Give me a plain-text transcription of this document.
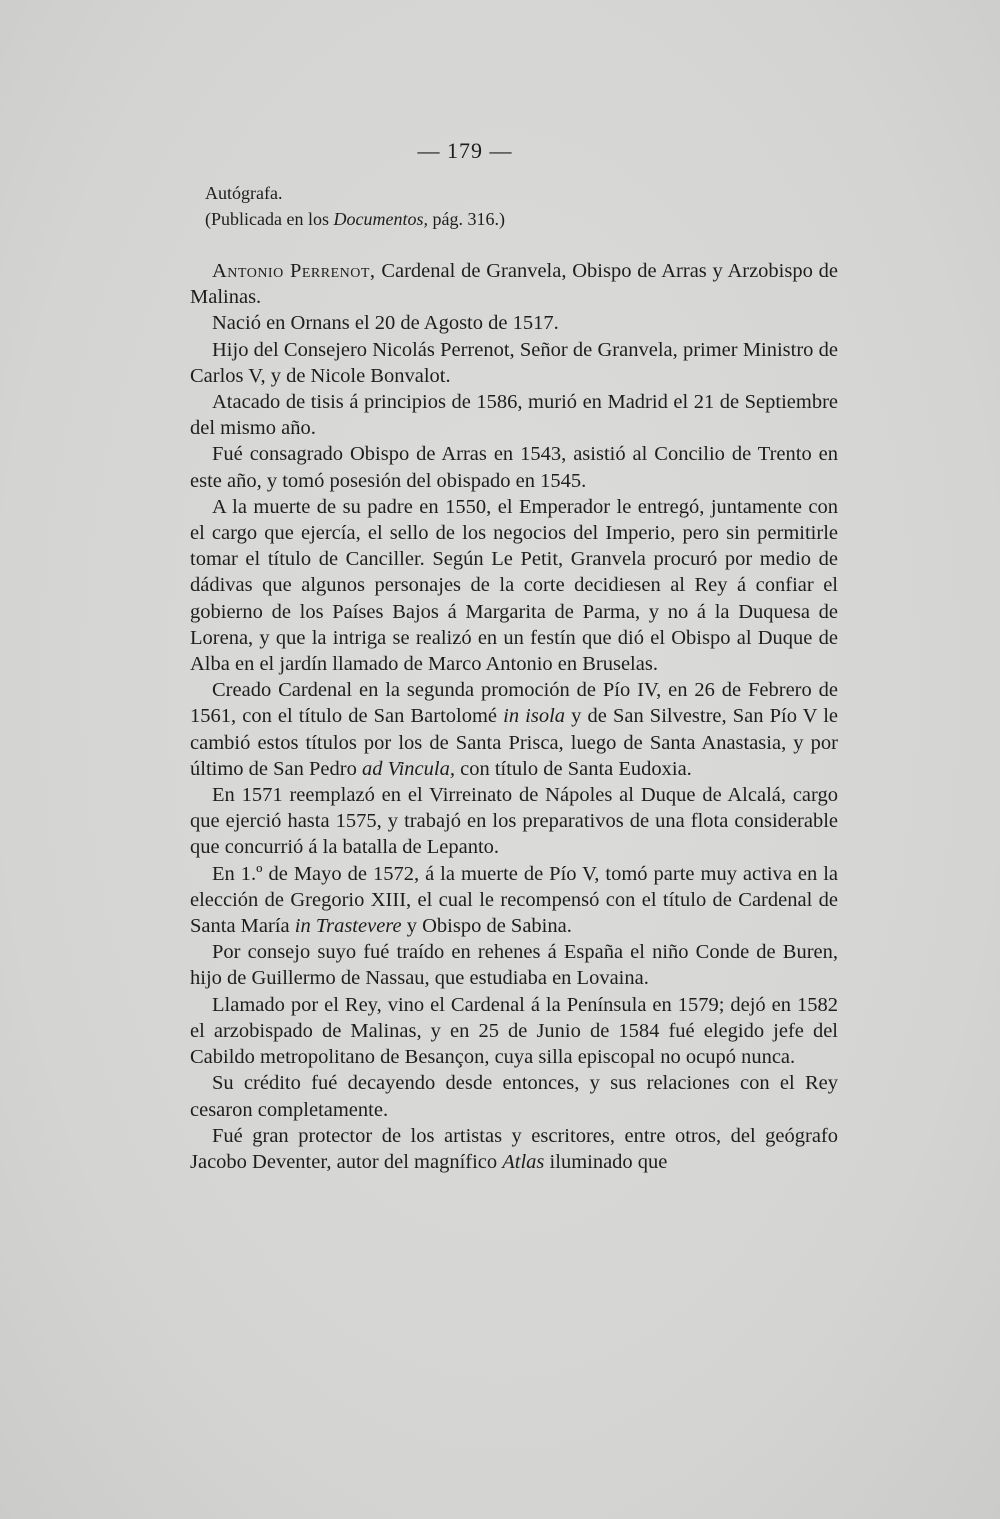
— 179 —
Autógrafa.
(Publicada en los Documentos, pág. 316.)

Antonio Perrenot, Cardenal de Granvela, Obispo de Arras y Arzobispo de Malinas.

Nació en Ornans el 20 de Agosto de 1517.

Hijo del Consejero Nicolás Perrenot, Señor de Granvela, primer Ministro de Carlos V, y de Nicole Bonvalot.

Atacado de tisis á principios de 1586, murió en Madrid el 21 de Septiembre del mismo año.

Fué consagrado Obispo de Arras en 1543, asistió al Concilio de Trento en este año, y tomó posesión del obispado en 1545.

A la muerte de su padre en 1550, el Emperador le entregó, juntamente con el cargo que ejercía, el sello de los negocios del Imperio, pero sin permitirle tomar el título de Canciller. Según Le Petit, Granvela procuró por medio de dádivas que algunos personajes de la corte decidiesen al Rey á confiar el gobierno de los Países Bajos á Margarita de Parma, y no á la Duquesa de Lorena, y que la intriga se realizó en un festín que dió el Obispo al Duque de Alba en el jardín llamado de Marco Antonio en Bruselas.

Creado Cardenal en la segunda promoción de Pío IV, en 26 de Febrero de 1561, con el título de San Bartolomé in isola y de San Silvestre, San Pío V le cambió estos títulos por los de Santa Prisca, luego de Santa Anastasia, y por último de San Pedro ad Vincula, con título de Santa Eudoxia.

En 1571 reemplazó en el Virreinato de Nápoles al Duque de Alcalá, cargo que ejerció hasta 1575, y trabajó en los preparativos de una flota considerable que concurrió á la batalla de Lepanto.

En 1.º de Mayo de 1572, á la muerte de Pío V, tomó parte muy activa en la elección de Gregorio XIII, el cual le recompensó con el título de Cardenal de Santa María in Trastevere y Obispo de Sabina.

Por consejo suyo fué traído en rehenes á España el niño Conde de Buren, hijo de Guillermo de Nassau, que estudiaba en Lovaina.

Llamado por el Rey, vino el Cardenal á la Península en 1579; dejó en 1582 el arzobispado de Malinas, y en 25 de Junio de 1584 fué elegido jefe del Cabildo metropolitano de Besançon, cuya silla episcopal no ocupó nunca.

Su crédito fué decayendo desde entonces, y sus relaciones con el Rey cesaron completamente.

Fué gran protector de los artistas y escritores, entre otros, del geógrafo Jacobo Deventer, autor del magnífico Atlas iluminado que
